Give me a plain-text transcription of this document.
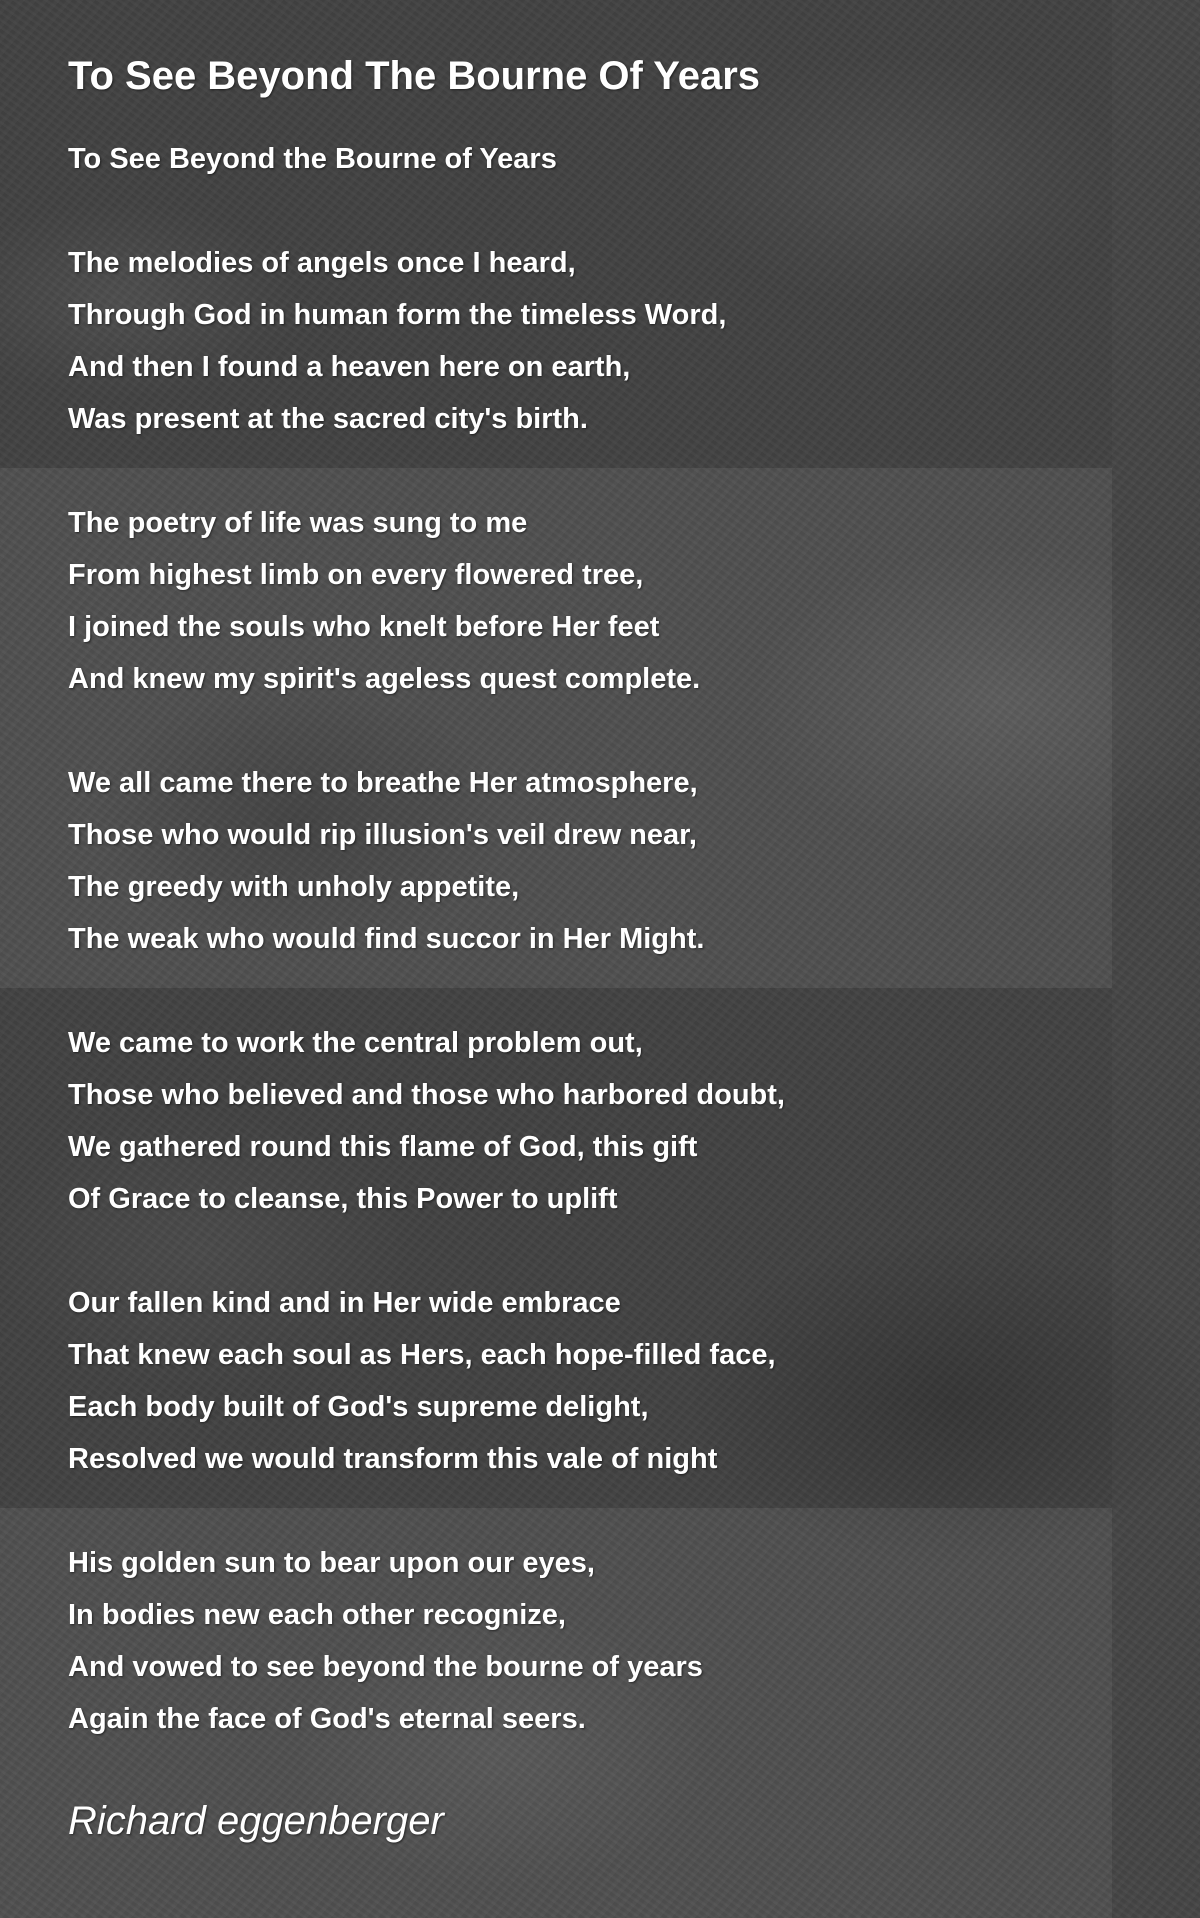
To See Beyond The Bourne Of Years
To See Beyond the Bourne of Years
The melodies of angels once I heard,
Through God in human form the timeless Word,
And then I found a heaven here on earth,
Was present at the sacred city's birth.
The poetry of life was sung to me
From highest limb on every flowered tree,
I joined the souls who knelt before Her feet
And knew my spirit's ageless quest complete.
We all came there to breathe Her atmosphere,
Those who would rip illusion's veil drew near,
The greedy with unholy appetite,
The weak who would find succor in Her Might.
We came to work the central problem out,
Those who believed and those who harbored doubt,
We gathered round this flame of God, this gift
Of Grace to cleanse, this Power to uplift
Our fallen kind and in Her wide embrace
That knew each soul as Hers, each hope-filled face,
Each body built of God's supreme delight,
Resolved we would transform this vale of night
His golden sun to bear upon our eyes,
In bodies new each other recognize,
And vowed to see beyond the bourne of years
Again the face of God's eternal seers.
Richard eggenberger
